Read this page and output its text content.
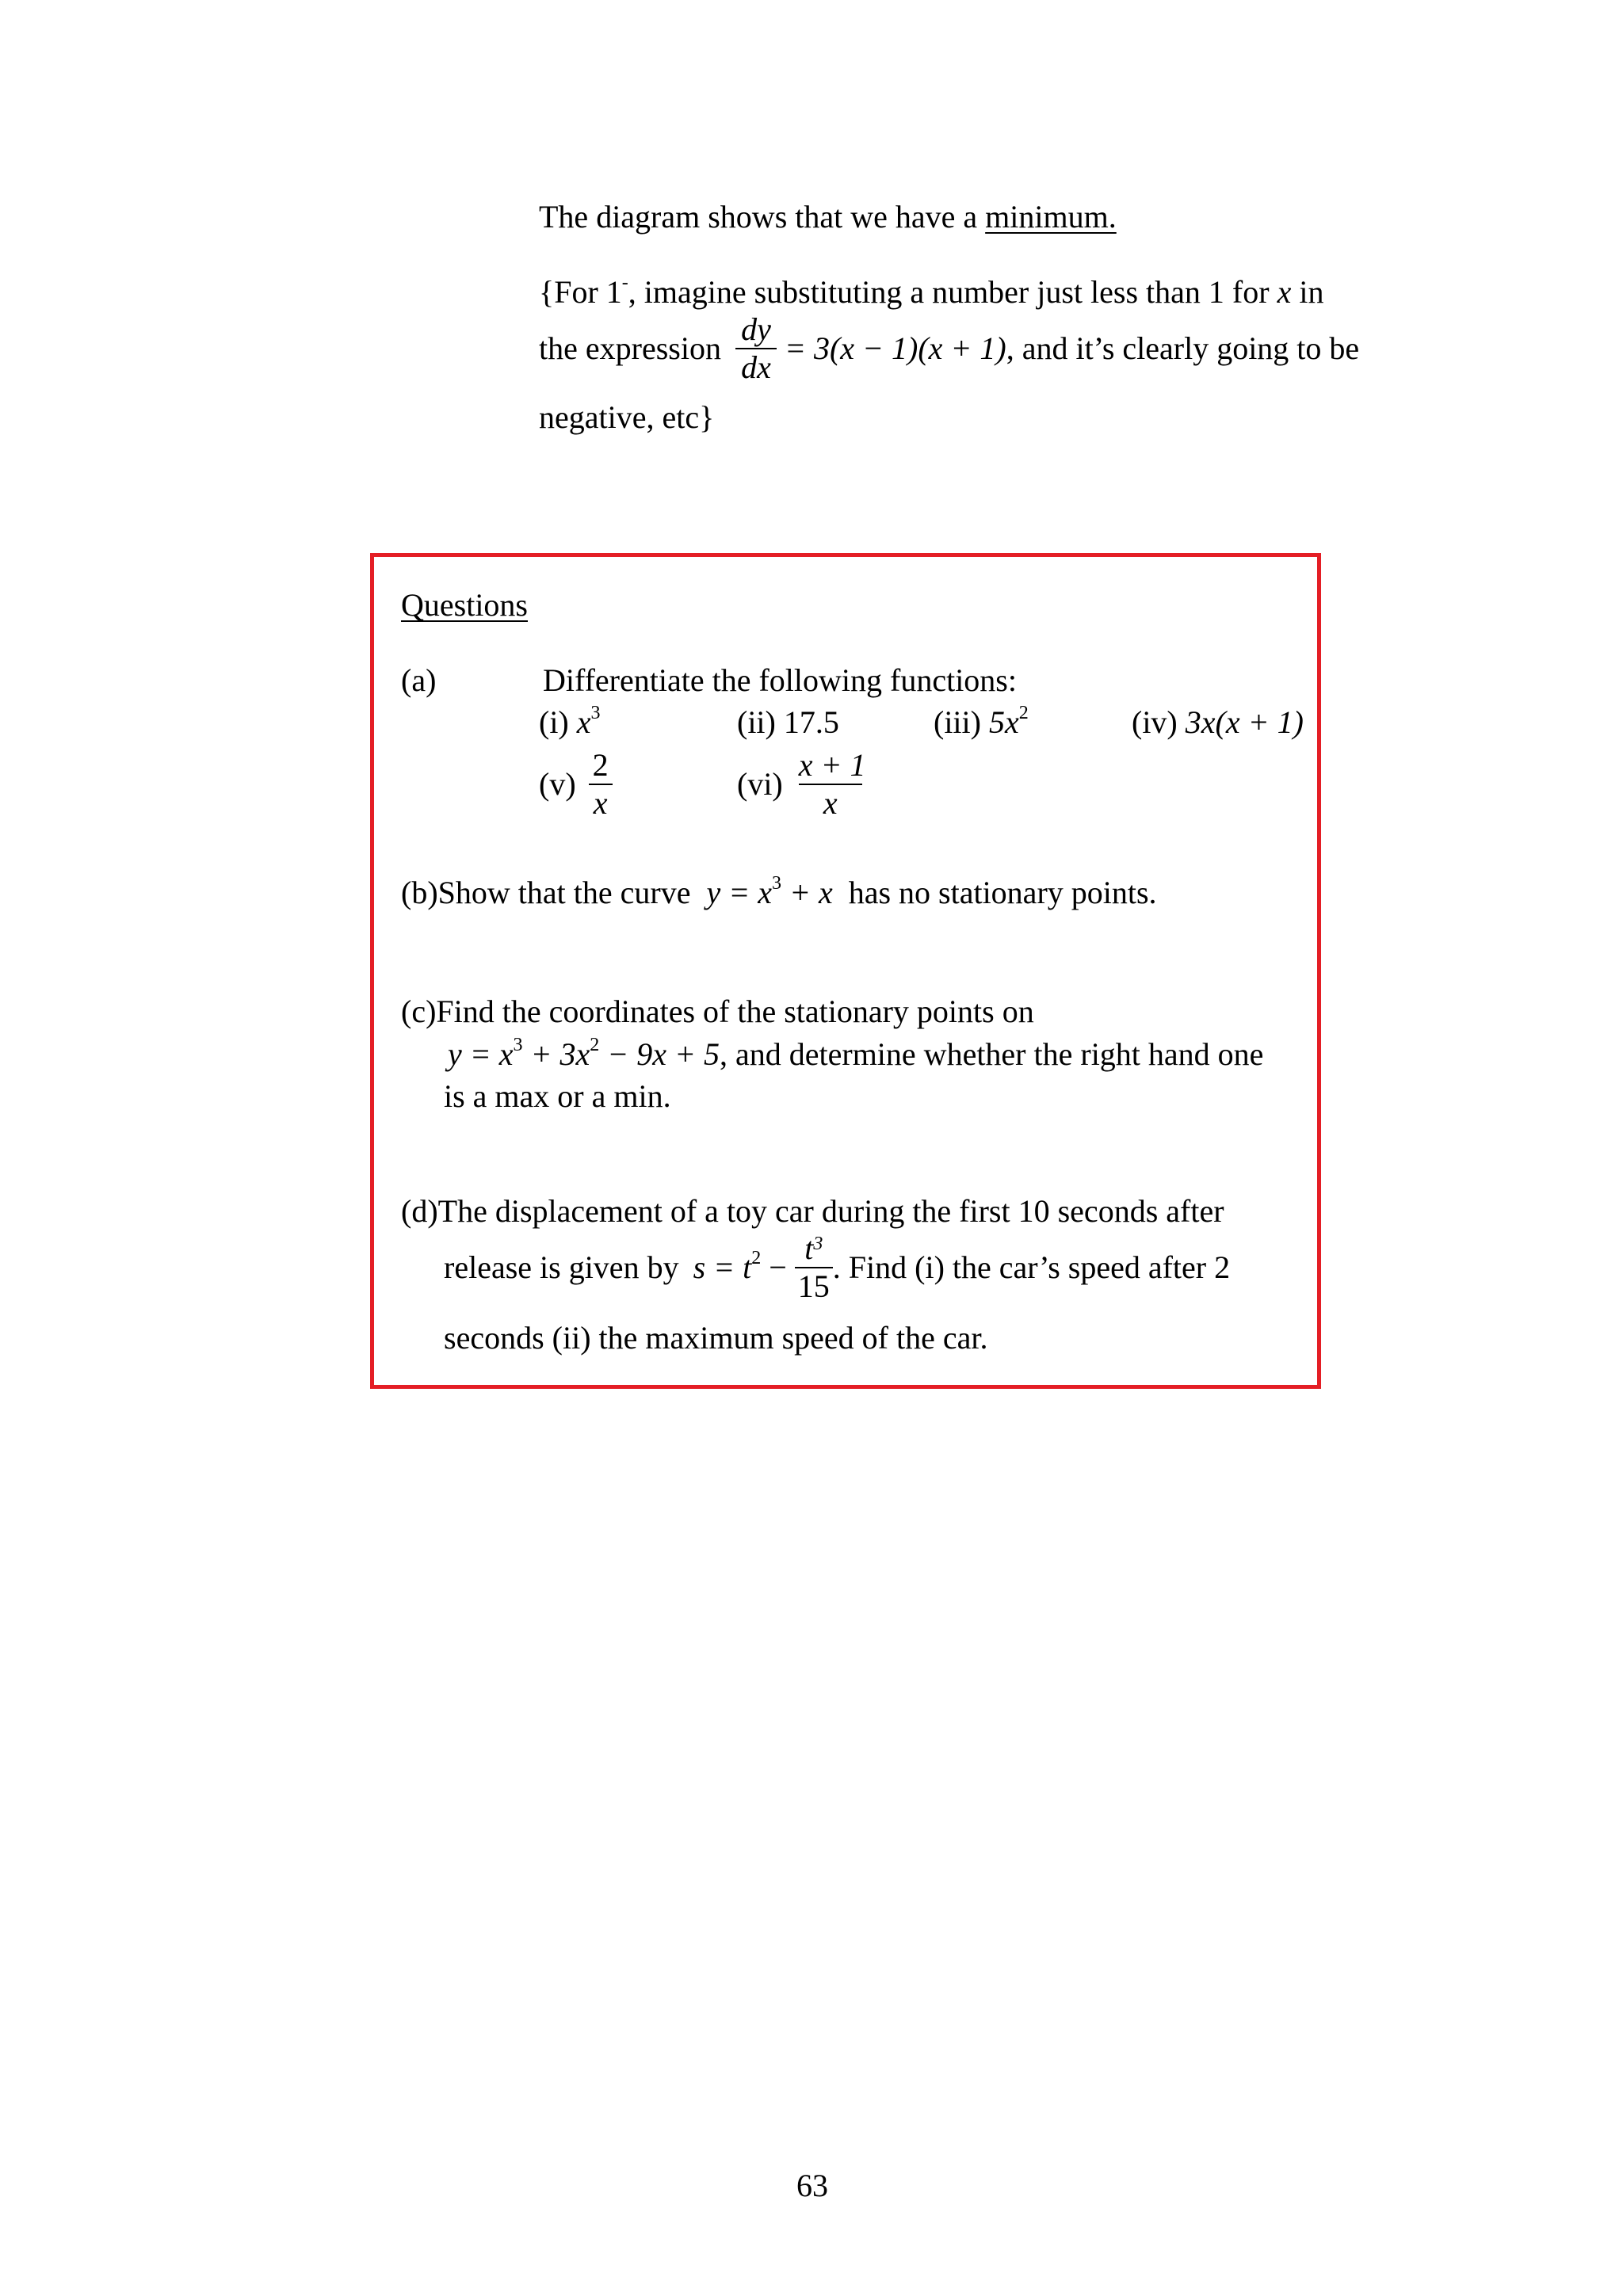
The diagram shows that we have a minimum.
{For 1-, imagine substituting a number just less than 1 for x in
the expression $\frac{dy}{dx} = 3(x - 1)(x + 1)$, and it’s clearly going to be
negative, etc}
Questions
(a)	Differentiate the following functions:
(i) $x^3$	(ii) 17.5	(iii) $5x^2$	(iv) 3x(x + 1)
$(v) \frac{2}{x}$	$(vi) \frac{x + 1}{x}$
(b)Show that the curve $y = x^3 + x$ has no stationary points.
(c)Find the coordinates of the stationary points on
$y = x^3 + 3x^2 - 9x + 5$, and determine whether the right hand one
is a max or a min.
(d)The displacement of a toy car during the first 10 seconds after
release is given by $s = t^2 - \frac{t^3}{15}$ . Find (i) the car’s speed after 2
seconds (ii) the maximum speed of the car.
63
